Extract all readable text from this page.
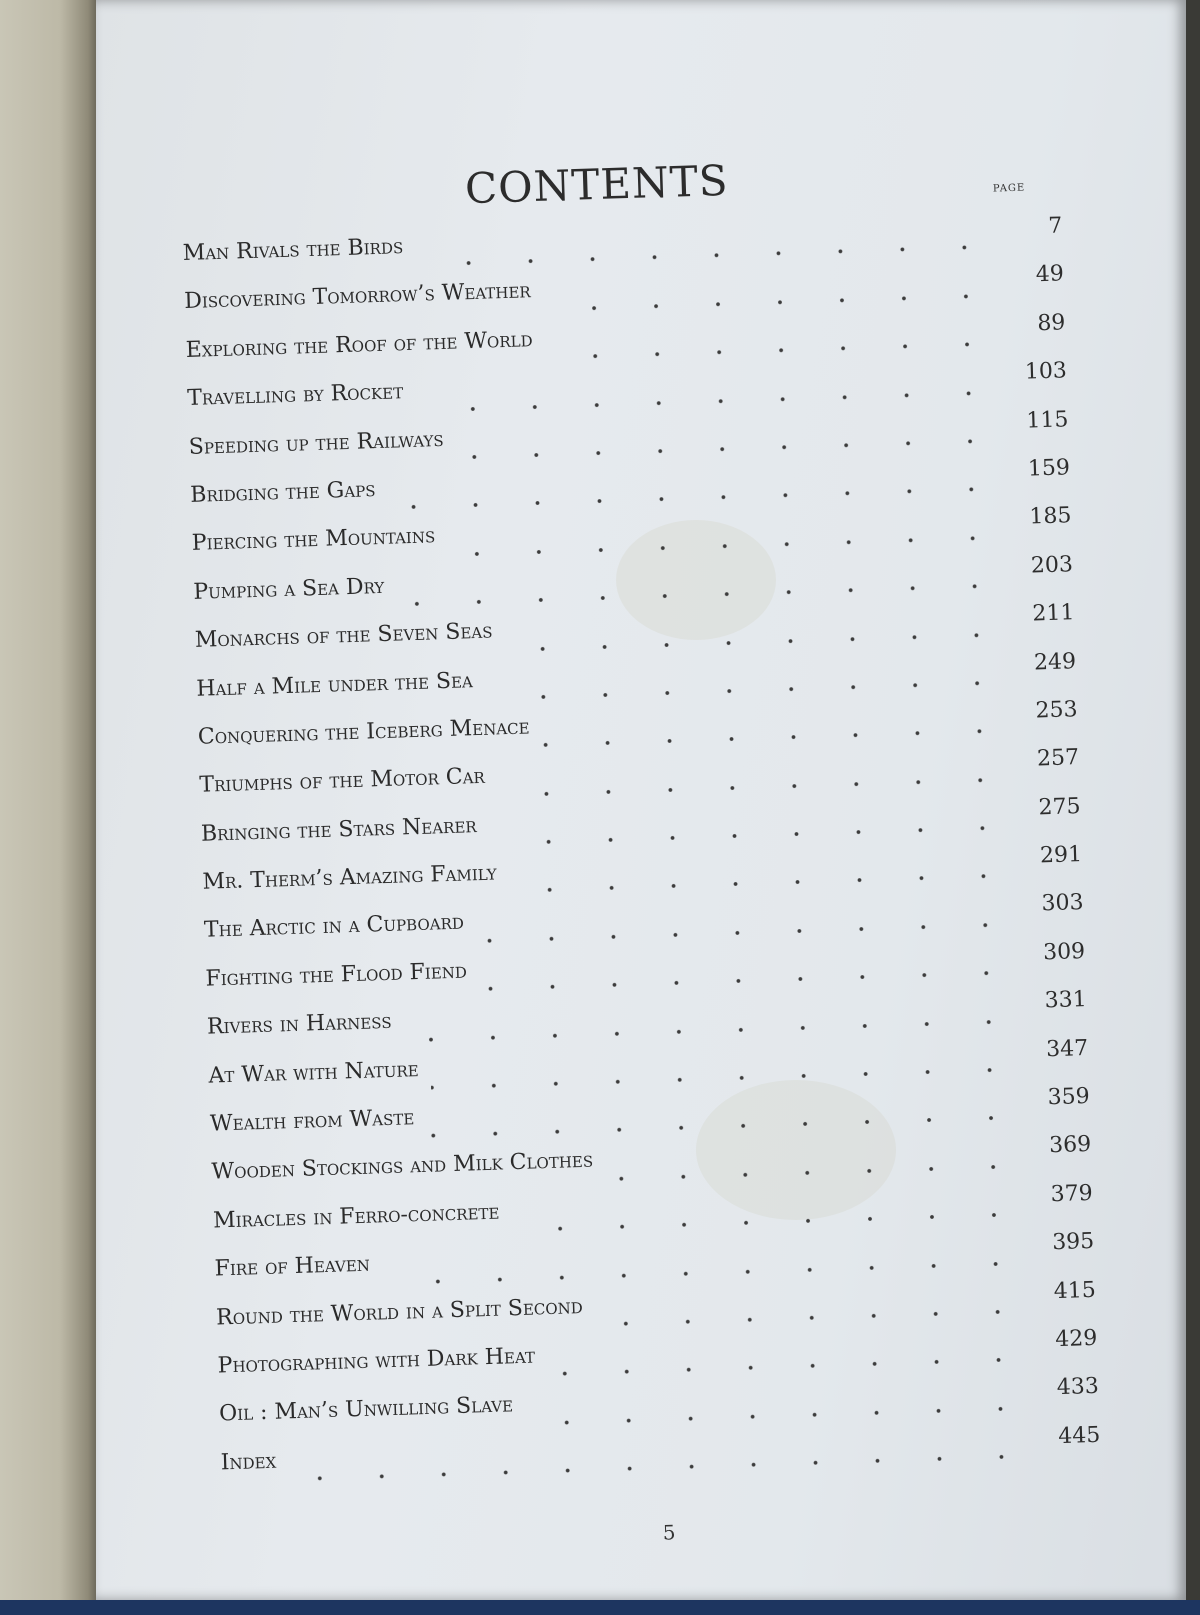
CONTENTS	PAGE
Man Rivals the Birds
7
Discovering Tomorrow’s Weather
49
Exploring the Roof of the World
89
Travelling by Rocket
103
Speeding up the Railways
115
Bridging the Gaps
159
Piercing the Mountains
185
Pumping a Sea Dry
203
Monarchs of the Seven Seas
211
Half a Mile under the Sea
249
Conquering the Iceberg Menace
253
Triumphs of the Motor Car
257
Bringing the Stars Nearer
275
Mr. Therm’s Amazing Family
291
The Arctic in a Cupboard
303
Fighting the Flood Fiend
309
Rivers in Harness
331
At War with Nature
347
Wealth from Waste
359
Wooden Stockings and Milk Clothes
369
Miracles in Ferro-concrete
379
Fire of Heaven
395
Round the World in a Split Second
415
Photographing with Dark Heat
429
Oil : Man’s Unwilling Slave
433
Index
445
5
